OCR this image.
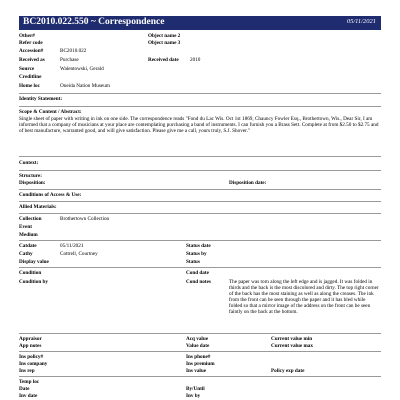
BC2010.022.550 ~ Correspondence	05/11/2021
Other#
Refer code
Accession#	BC2010.022
Received as	Purchase
Source	Walentowski, Gerald
Creditline
Home loc	Oneida Nation Museum
Object name 2
Object name 3
Received date 2010
Identity Statement:
Scope & Content / Abstract:
Single sheet of paper with writing in ink on one side. The correspondence reads "Fond du Lac Wis. Oct 1st 1869, Chauncy Fowler Esq., Brothertown, Wis., Dear Sir, I am informed that a company of musicians at your place are contemplating purchasing a band of instruments. I can furnish you a Brass Sett. Complete at from $2.50 to $2.75 and of best manufacture, warranted good, and will give satisfaction. Please give me a call, yours truly, S.J. Shover."
Context:
Structure:
Disposition:	Disposition date:
Conditions of Access & Use:
Allied Materials:
Collection	Brothertown Collection
Event
Medium
Catdate	05/11/2021
Cathy	Cottrell, Courtney
Display value
Status date
Status by
Status
Condition
Condition by
Cond date
Cond notes	The paper was torn along the left edge and is jagged. It was folded in thirds and the back is the most discolored and dirty. The top right corner of the back has the most staining as well as along the creases. The ink from the front can be seen through the paper and it has bled while folded so that a mirror image of the address on the front can be seen faintly on the back at the bottom.
Appraisor
App notes
Acq value
Value date
Current value min
Current value max
Ins policy#
Ins company
Ins rep
Ins phone#
Ins premium
Ins value	Policy exp date
Temp loc
Date
Inv date
By/Until
Inv by
